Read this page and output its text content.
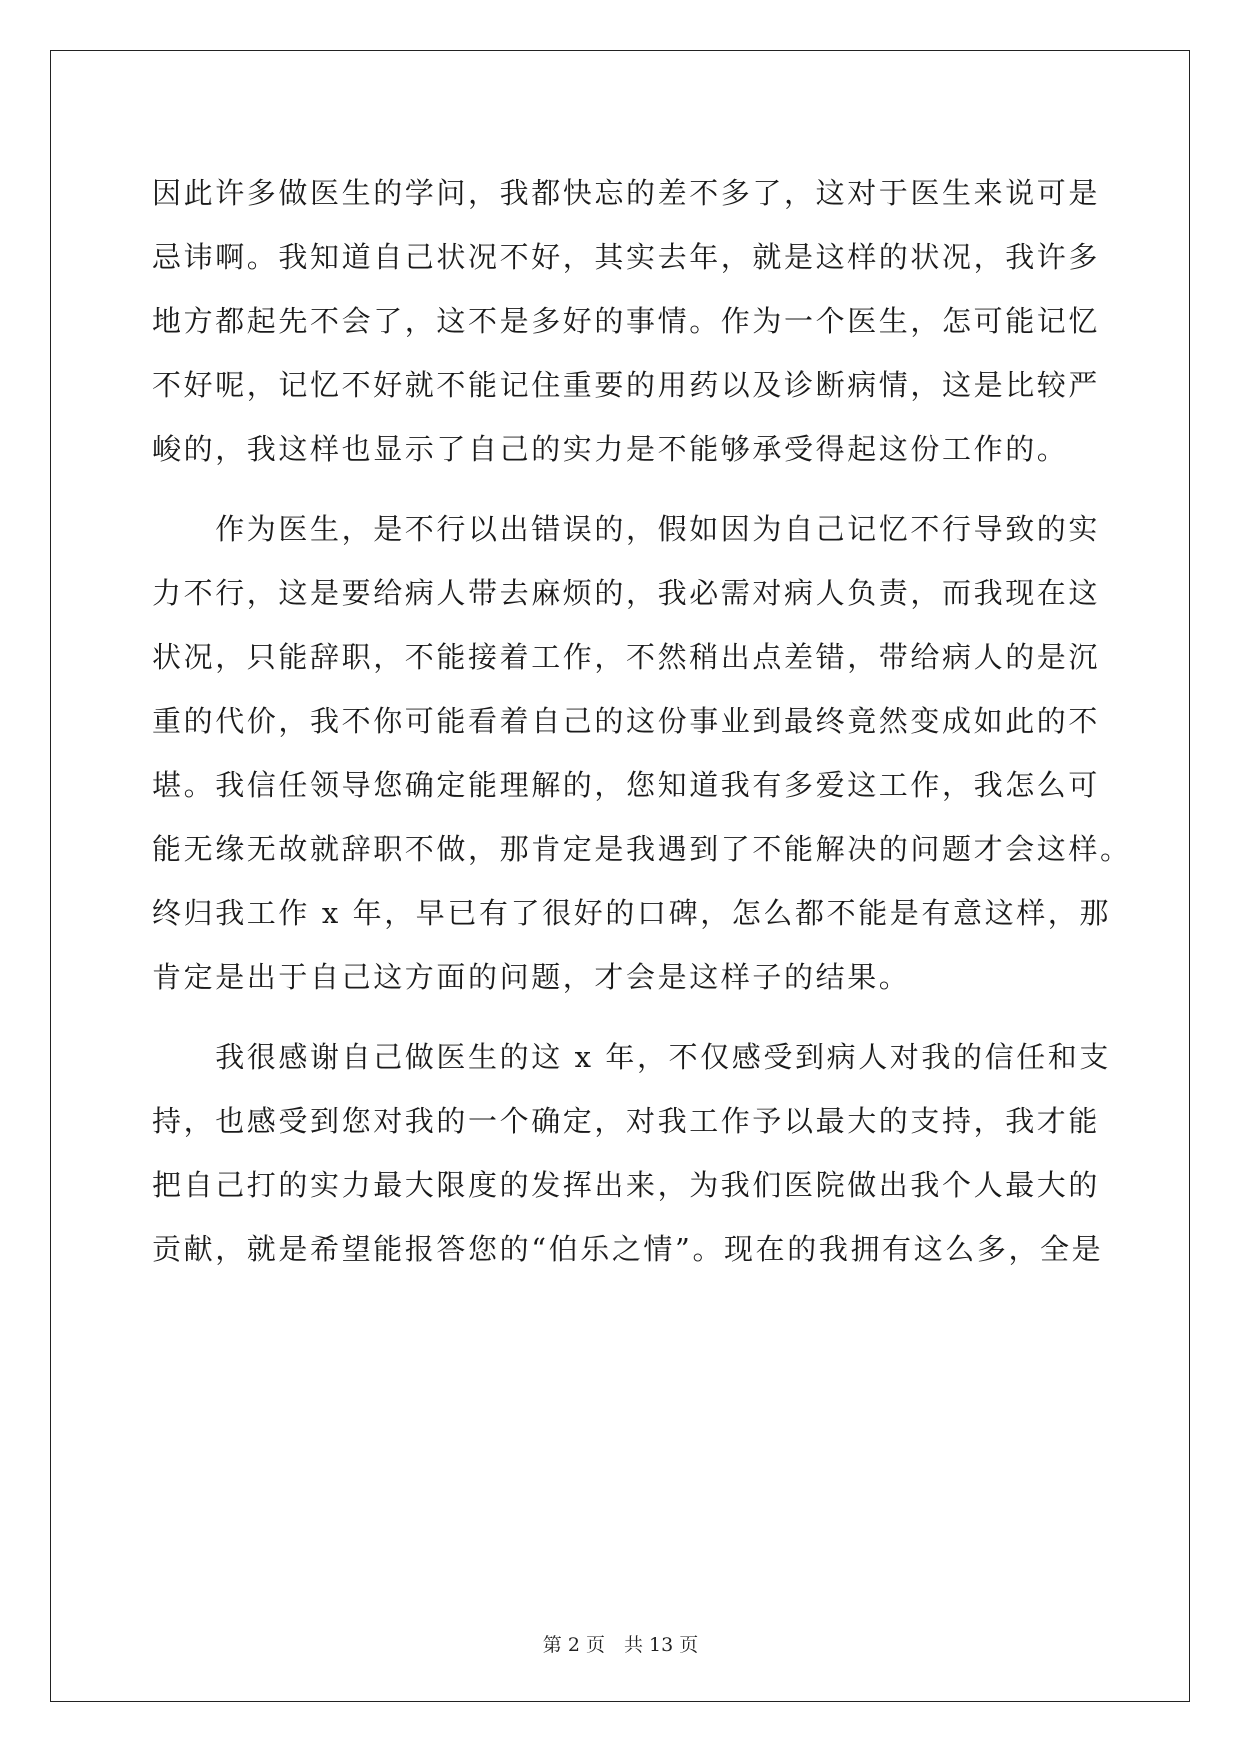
因此许多做医生的学问，我都快忘的差不多了，这对于医生来说可是
忌讳啊。我知道自己状况不好，其实去年，就是这样的状况，我许多
地方都起先不会了，这不是多好的事情。作为一个医生，怎可能记忆
不好呢，记忆不好就不能记住重要的用药以及诊断病情，这是比较严
峻的，我这样也显示了自己的实力是不能够承受得起这份工作的。
　　作为医生，是不行以出错误的，假如因为自己记忆不行导致的实
力不行，这是要给病人带去麻烦的，我必需对病人负责，而我现在这
状况，只能辞职，不能接着工作，不然稍出点差错，带给病人的是沉
重的代价，我不你可能看着自己的这份事业到最终竟然变成如此的不
堪。我信任领导您确定能理解的，您知道我有多爱这工作，我怎么可
能无缘无故就辞职不做，那肯定是我遇到了不能解决的问题才会这样。
终归我工作 x 年，早已有了很好的口碑，怎么都不能是有意这样，那
肯定是出于自己这方面的问题，才会是这样子的结果。
　　我很感谢自己做医生的这 x 年，不仅感受到病人对我的信任和支
持，也感受到您对我的一个确定，对我工作予以最大的支持，我才能
把自己打的实力最大限度的发挥出来，为我们医院做出我个人最大的
贡献，就是希望能报答您的“伯乐之情”。现在的我拥有这么多，全是
第 2 页　共 13 页
